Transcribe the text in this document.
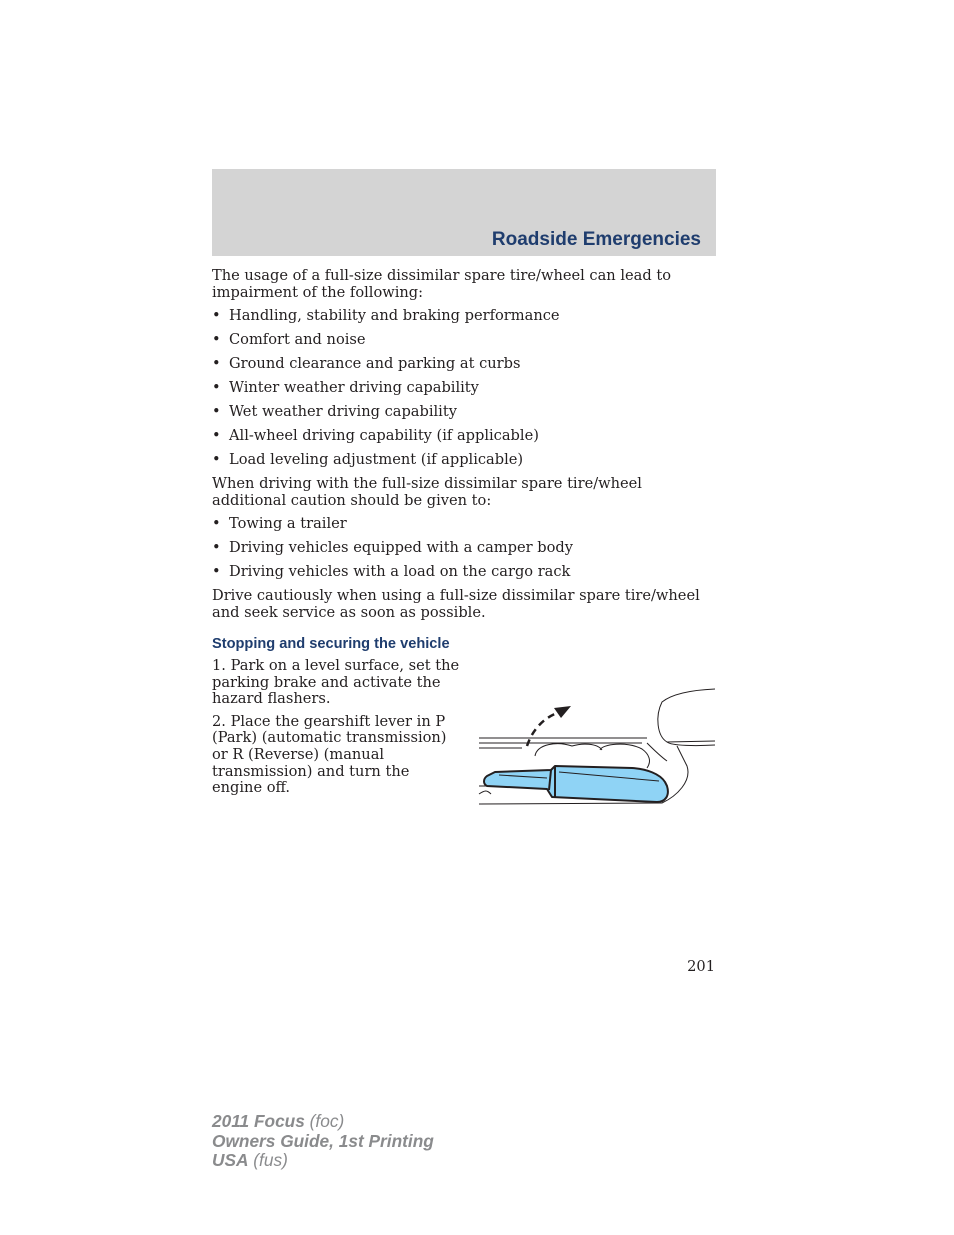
Roadside Emergencies

The usage of a full-size dissimilar spare tire/wheel can lead to impairment of the following:

• Handling, stability and braking performance
• Comfort and noise
• Ground clearance and parking at curbs
• Winter weather driving capability
• Wet weather driving capability
• All-wheel driving capability (if applicable)
• Load leveling adjustment (if applicable)

When driving with the full-size dissimilar spare tire/wheel additional caution should be given to:

• Towing a trailer
• Driving vehicles equipped with a camper body
• Driving vehicles with a load on the cargo rack

Drive cautiously when using a full-size dissimilar spare tire/wheel and seek service as soon as possible.

Stopping and securing the vehicle

1. Park on a level surface, set the parking brake and activate the hazard flashers.

2. Place the gearshift lever in P (Park) (automatic transmission) or R (Reverse) (manual transmission) and turn the engine off.

201
2011 Focus (foc)
Owners Guide, 1st Printing
USA (fus)
